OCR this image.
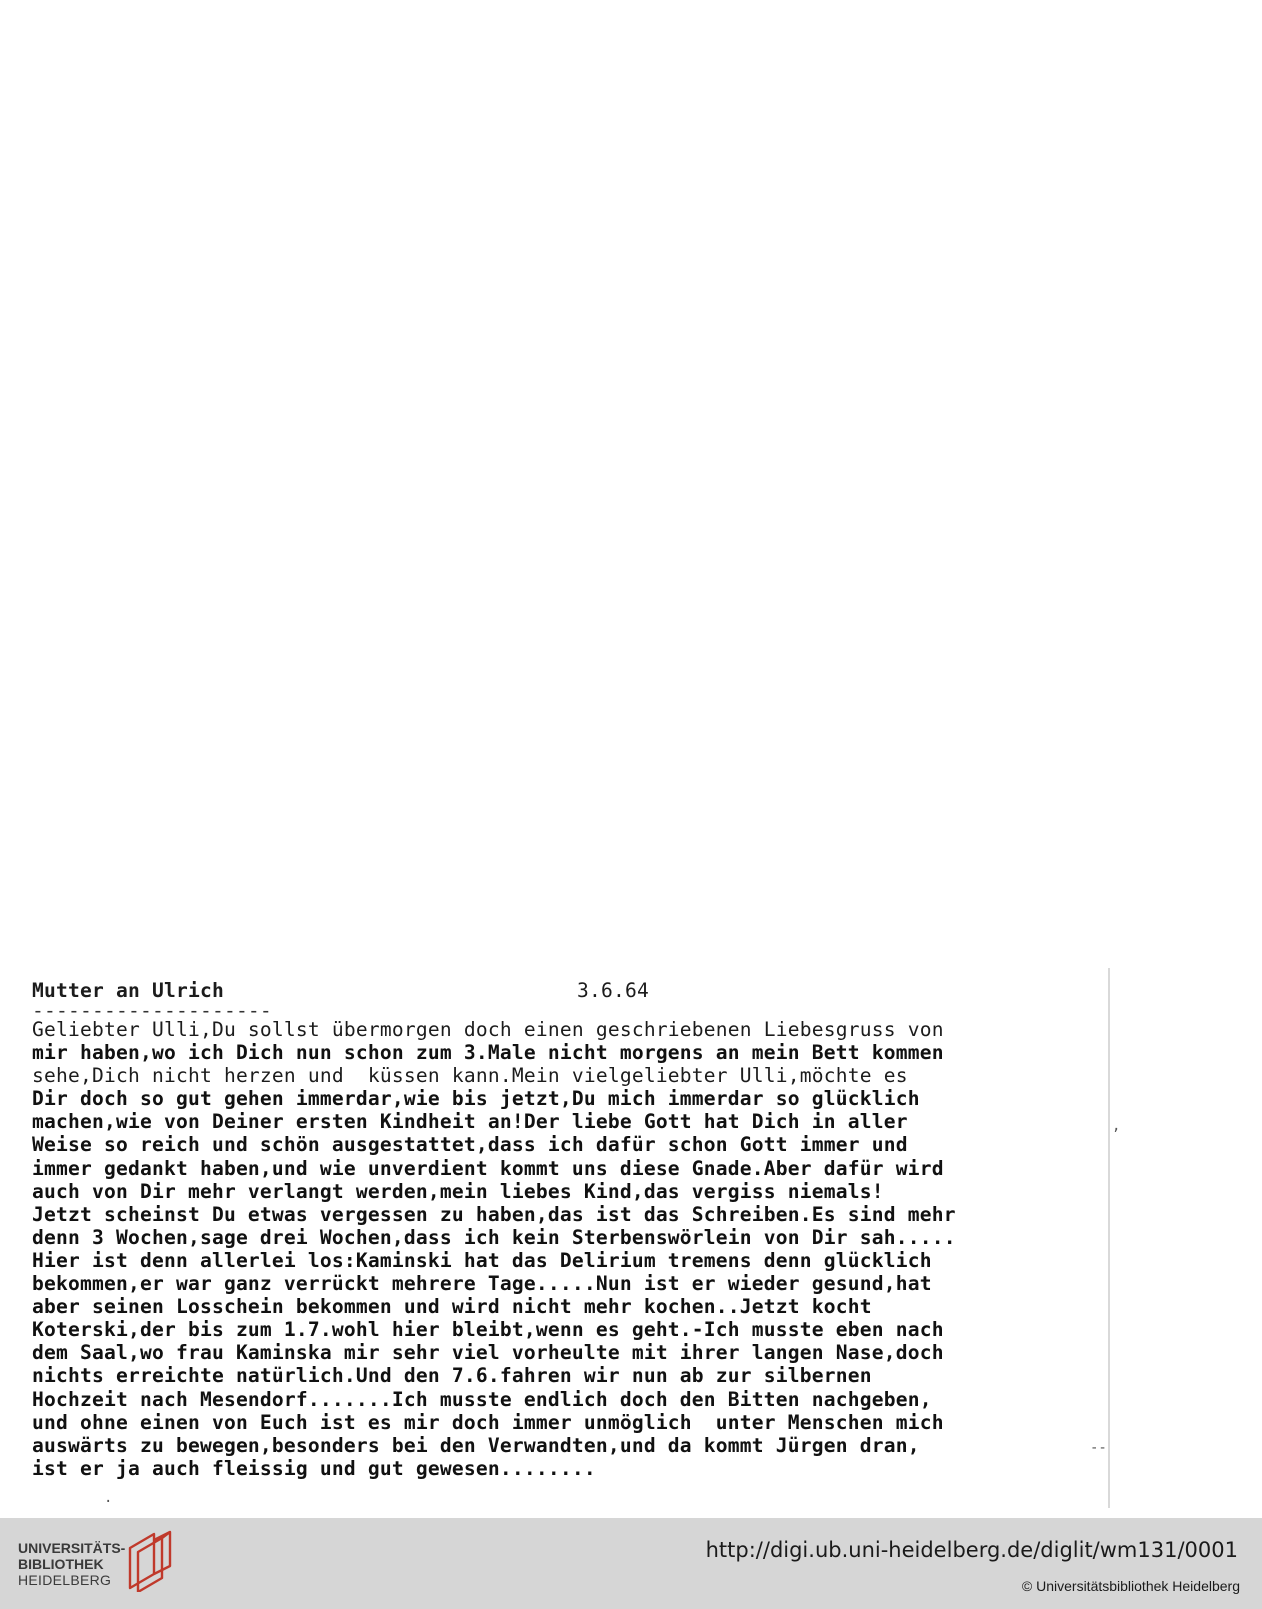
Mutter an Ulrich

	3.6.64

--------------------
Geliebter Ulli,Du sollst übermorgen doch einen geschriebenen Liebesgruss von
mir haben,wo ich Dich nun schon zum 3.Male nicht morgens an mein Bett kommen
sehe,Dich nicht herzen und  küssen kann.Mein vielgeliebter Ulli,möchte es
Dir doch so gut gehen immerdar,wie bis jetzt,Du mich immerdar so glücklich
machen,wie von Deiner ersten Kindheit an!Der liebe Gott hat Dich in aller
Weise so reich und schön ausgestattet,dass ich dafür schon Gott immer und
immer gedankt haben,und wie unverdient kommt uns diese Gnade.Aber dafür wird
auch von Dir mehr verlangt werden,mein liebes Kind,das vergiss niemals!
Jetzt scheinst Du etwas vergessen zu haben,das ist das Schreiben.Es sind mehr
denn 3 Wochen,sage drei Wochen,dass ich kein Sterbenswörlein von Dir sah.....
Hier ist denn allerlei los:Kaminski hat das Delirium tremens denn glücklich
bekommen,er war ganz verrückt mehrere Tage.....Nun ist er wieder gesund,hat
aber seinen Losschein bekommen und wird nicht mehr kochen..Jetzt kocht
Koterski,der bis zum 1.7.wohl hier bleibt,wenn es geht.-Ich musste eben nach
dem Saal,wo frau Kaminska mir sehr viel vorheulte mit ihrer langen Nase,doch
nichts erreichte natürlich.Und den 7.6.fahren wir nun ab zur silbernen
Hochzeit nach Mesendorf.......Ich musste endlich doch den Bitten nachgeben,
und ohne einen von Euch ist es mir doch immer unmöglich  unter Menschen mich
auswärts zu bewegen,besonders bei den Verwandten,und da kommt Jürgen dran,
ist er ja auch fleissig und gut gewesen........
,
--
·
UNIVERSITÄTS-
BIBLIOTHEK
HEIDELBERG
http://digi.ub.uni-heidelberg.de/diglit/wm131/0001
© Universitätsbibliothek Heidelberg
